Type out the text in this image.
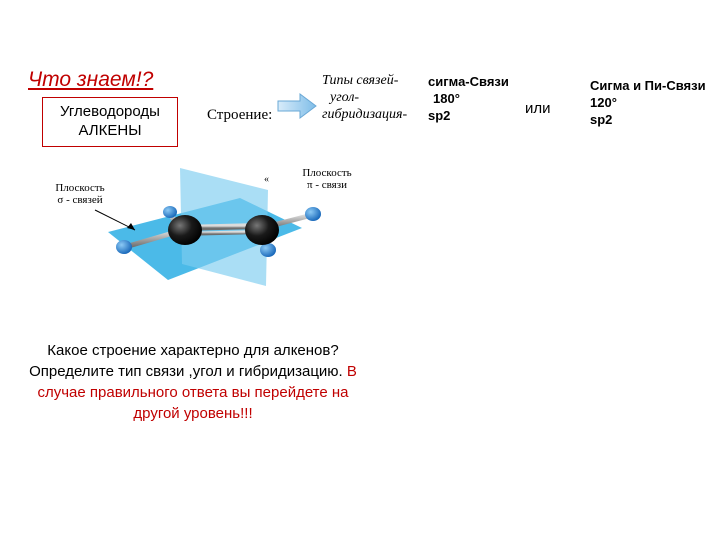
Что знаем!?
Углеводороды
АЛКЕНЫ
Строение:
Типы связей-
угол-
гибридизация-
сигма-Связи
180°
sp2	или
Сигма и Пи-Связи
120°
sp2
«
Плоскость
σ - связей
Плоскость
π - связи
Какое строение характерно для алкенов?Определите тип связи ,угол и гибридизацию. В случае правильного ответа вы перейдете на другой уровень!!!
